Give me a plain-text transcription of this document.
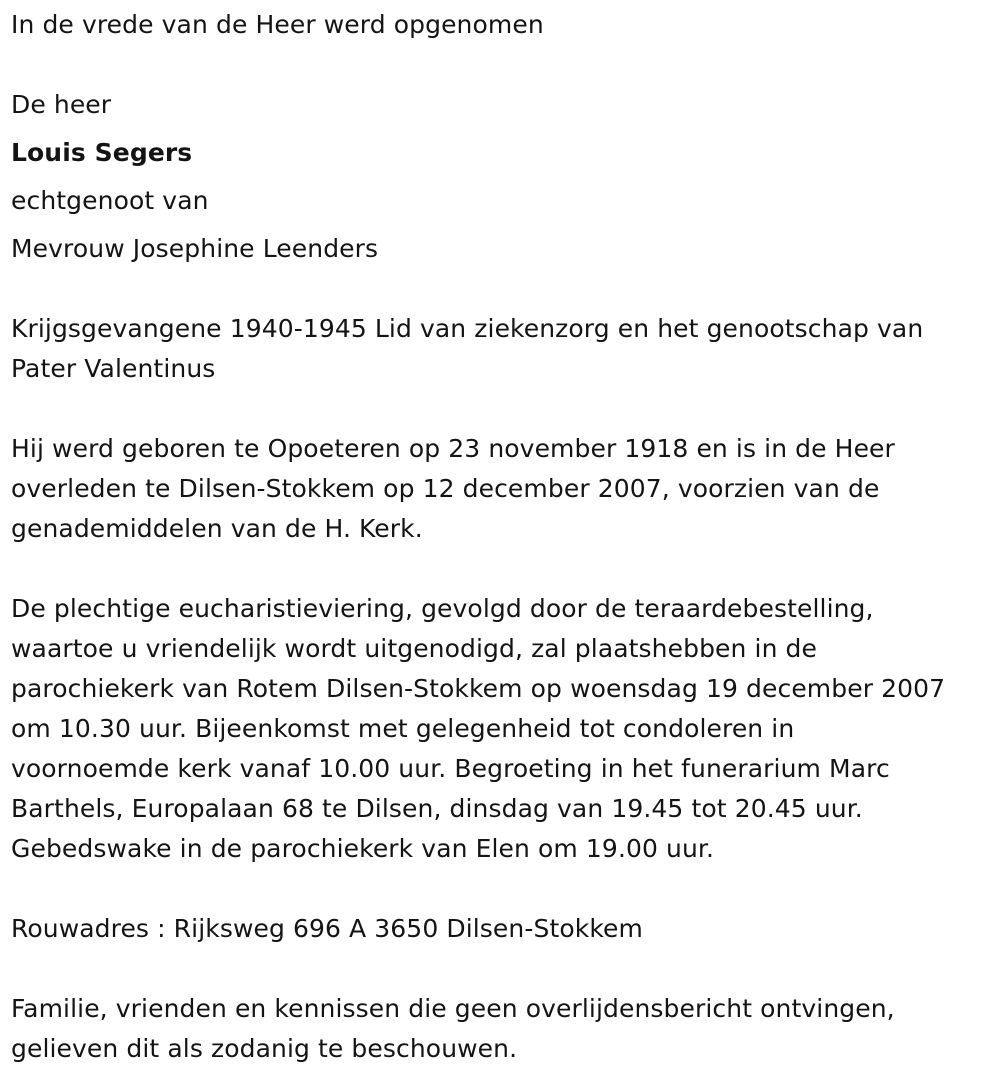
In de vrede van de Heer werd opgenomen

De heer

Louis Segers

echtgenoot van

Mevrouw Josephine Leenders

Krijgsgevangene 1940-1945 Lid van ziekenzorg en het genootschap van

Pater Valentinus

Hij werd geboren te Opoeteren op 23 november 1918 en is in de Heer

overleden te Dilsen-Stokkem op 12 december 2007, voorzien van de

genademiddelen van de H. Kerk.

De plechtige eucharistieviering, gevolgd door de teraardebestelling,

waartoe u vriendelijk wordt uitgenodigd, zal plaatshebben in de

parochiekerk van Rotem Dilsen-Stokkem op woensdag 19 december 2007

om 10.30 uur. Bijeenkomst met gelegenheid tot condoleren in

voornoemde kerk vanaf 10.00 uur. Begroeting in het funerarium Marc

Barthels, Europalaan 68 te Dilsen, dinsdag van 19.45 tot 20.45 uur.

Gebedswake in de parochiekerk van Elen om 19.00 uur.

Rouwadres : Rijksweg 696 A 3650 Dilsen-Stokkem

Familie, vrienden en kennissen die geen overlijdensbericht ontvingen,

gelieven dit als zodanig te beschouwen.
